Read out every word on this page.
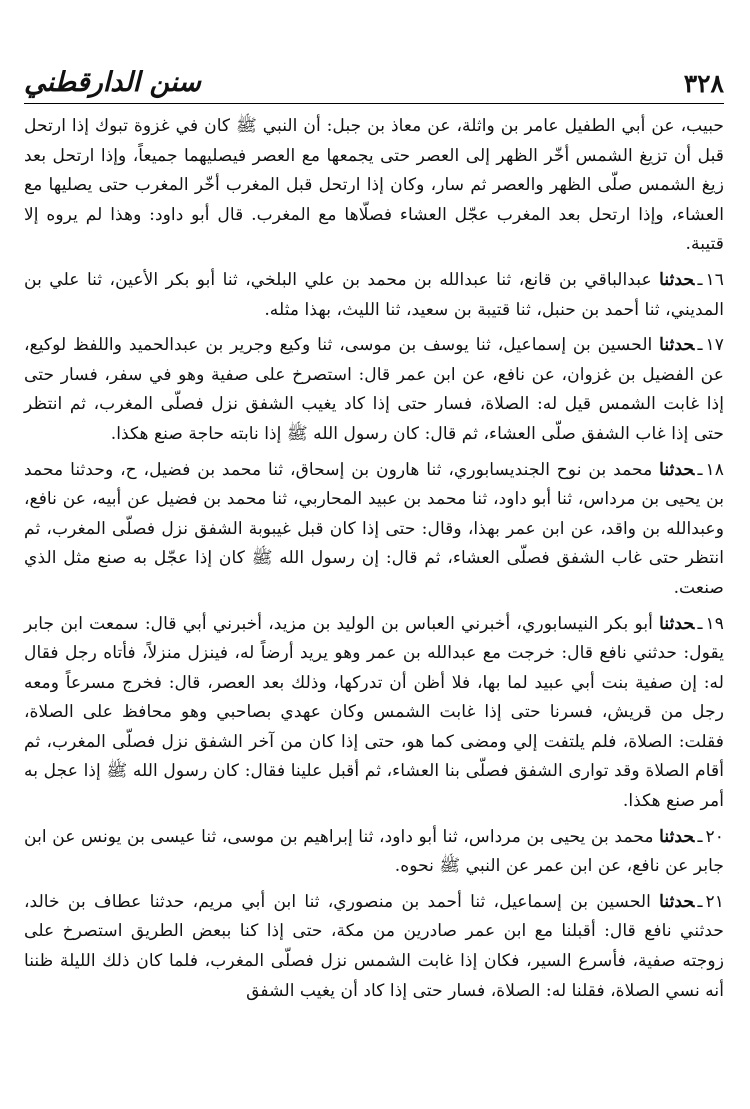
٣٢٨
سنن الدارقطني

حبيب، عن أبي الطفيل عامر بن واثلة، عن معاذ بن جبل: أن النبي ﷺ كان في غزوة تبوك إذا ارتحل قبل أن تزيغ الشمس أخّر الظهر إلى العصر حتى يجمعها مع العصر فيصليهما جميعاً، وإذا ارتحل بعد زيغ الشمس صلّى الظهر والعصر ثم سار، وكان إذا ارتحل قبل المغرب أخّر المغرب حتى يصليها مع العشاء، وإذا ارتحل بعد المغرب عجّل العشاء فصلّاها مع المغرب. قال أبو داود: وهذا لم يروه إلا قتيبة.

١٦ـحدثنا عبدالباقي بن قانع، ثنا عبدالله بن محمد بن علي البلخي، ثنا أبو بكر الأعين، ثنا علي بن المديني، ثنا أحمد بن حنبل، ثنا قتيبة بن سعيد، ثنا الليث، بهذا مثله.

١٧ـحدثنا الحسين بن إسماعيل، ثنا يوسف بن موسى، ثنا وكيع وجرير بن عبدالحميد واللفظ لوكيع، عن الفضيل بن غزوان، عن نافع، عن ابن عمر قال: استصرخ على صفية وهو في سفر، فسار حتى إذا غابت الشمس قيل له: الصلاة، فسار حتى إذا كاد يغيب الشفق نزل فصلّى المغرب، ثم انتظر حتى إذا غاب الشفق صلّى العشاء، ثم قال: كان رسول الله ﷺ إذا نابته حاجة صنع هكذا.

١٨ـحدثنا محمد بن نوح الجنديسابوري، ثنا هارون بن إسحاق، ثنا محمد بن فضيل، ح، وحدثنا محمد بن يحيى بن مرداس، ثنا أبو داود، ثنا محمد بن عبيد المحاربي، ثنا محمد بن فضيل عن أبيه، عن نافع، وعبدالله بن واقد، عن ابن عمر بهذا، وقال: حتى إذا كان قبل غيبوبة الشفق نزل فصلّى المغرب، ثم انتظر حتى غاب الشفق فصلّى العشاء، ثم قال: إن رسول الله ﷺ كان إذا عجّل به صنع مثل الذي صنعت.

١٩ـحدثنا أبو بكر النيسابوري، أخبرني العباس بن الوليد بن مزيد، أخبرني أبي قال: سمعت ابن جابر يقول: حدثني نافع قال: خرجت مع عبدالله بن عمر وهو يريد أرضاً له، فينزل منزلاً، فأتاه رجل فقال له: إن صفية بنت أبي عبيد لما بها، فلا أظن أن تدركها، وذلك بعد العصر، قال: فخرج مسرعاً ومعه رجل من قريش، فسرنا حتى إذا غابت الشمس وكان عهدي بصاحبي وهو محافظ على الصلاة، فقلت: الصلاة، فلم يلتفت إلي ومضى كما هو، حتى إذا كان من آخر الشفق نزل فصلّى المغرب، ثم أقام الصلاة وقد توارى الشفق فصلّى بنا العشاء، ثم أقبل علينا فقال: كان رسول الله ﷺ إذا عجل به أمر صنع هكذا.

٢٠ـحدثنا محمد بن يحيى بن مرداس، ثنا أبو داود، ثنا إبراهيم بن موسى، ثنا عيسى بن يونس عن ابن جابر عن نافع، عن ابن عمر عن النبي ﷺ نحوه.

٢١ـحدثنا الحسين بن إسماعيل، ثنا أحمد بن منصوري، ثنا ابن أبي مريم، حدثنا عطاف بن خالد، حدثني نافع قال: أقبلنا مع ابن عمر صادرين من مكة، حتى إذا كنا ببعض الطريق استصرخ على زوجته صفية، فأسرع السير، فكان إذا غابت الشمس نزل فصلّى المغرب، فلما كان ذلك الليلة ظننا أنه نسي الصلاة، فقلنا له: الصلاة، فسار حتى إذا كاد أن يغيب الشفق
